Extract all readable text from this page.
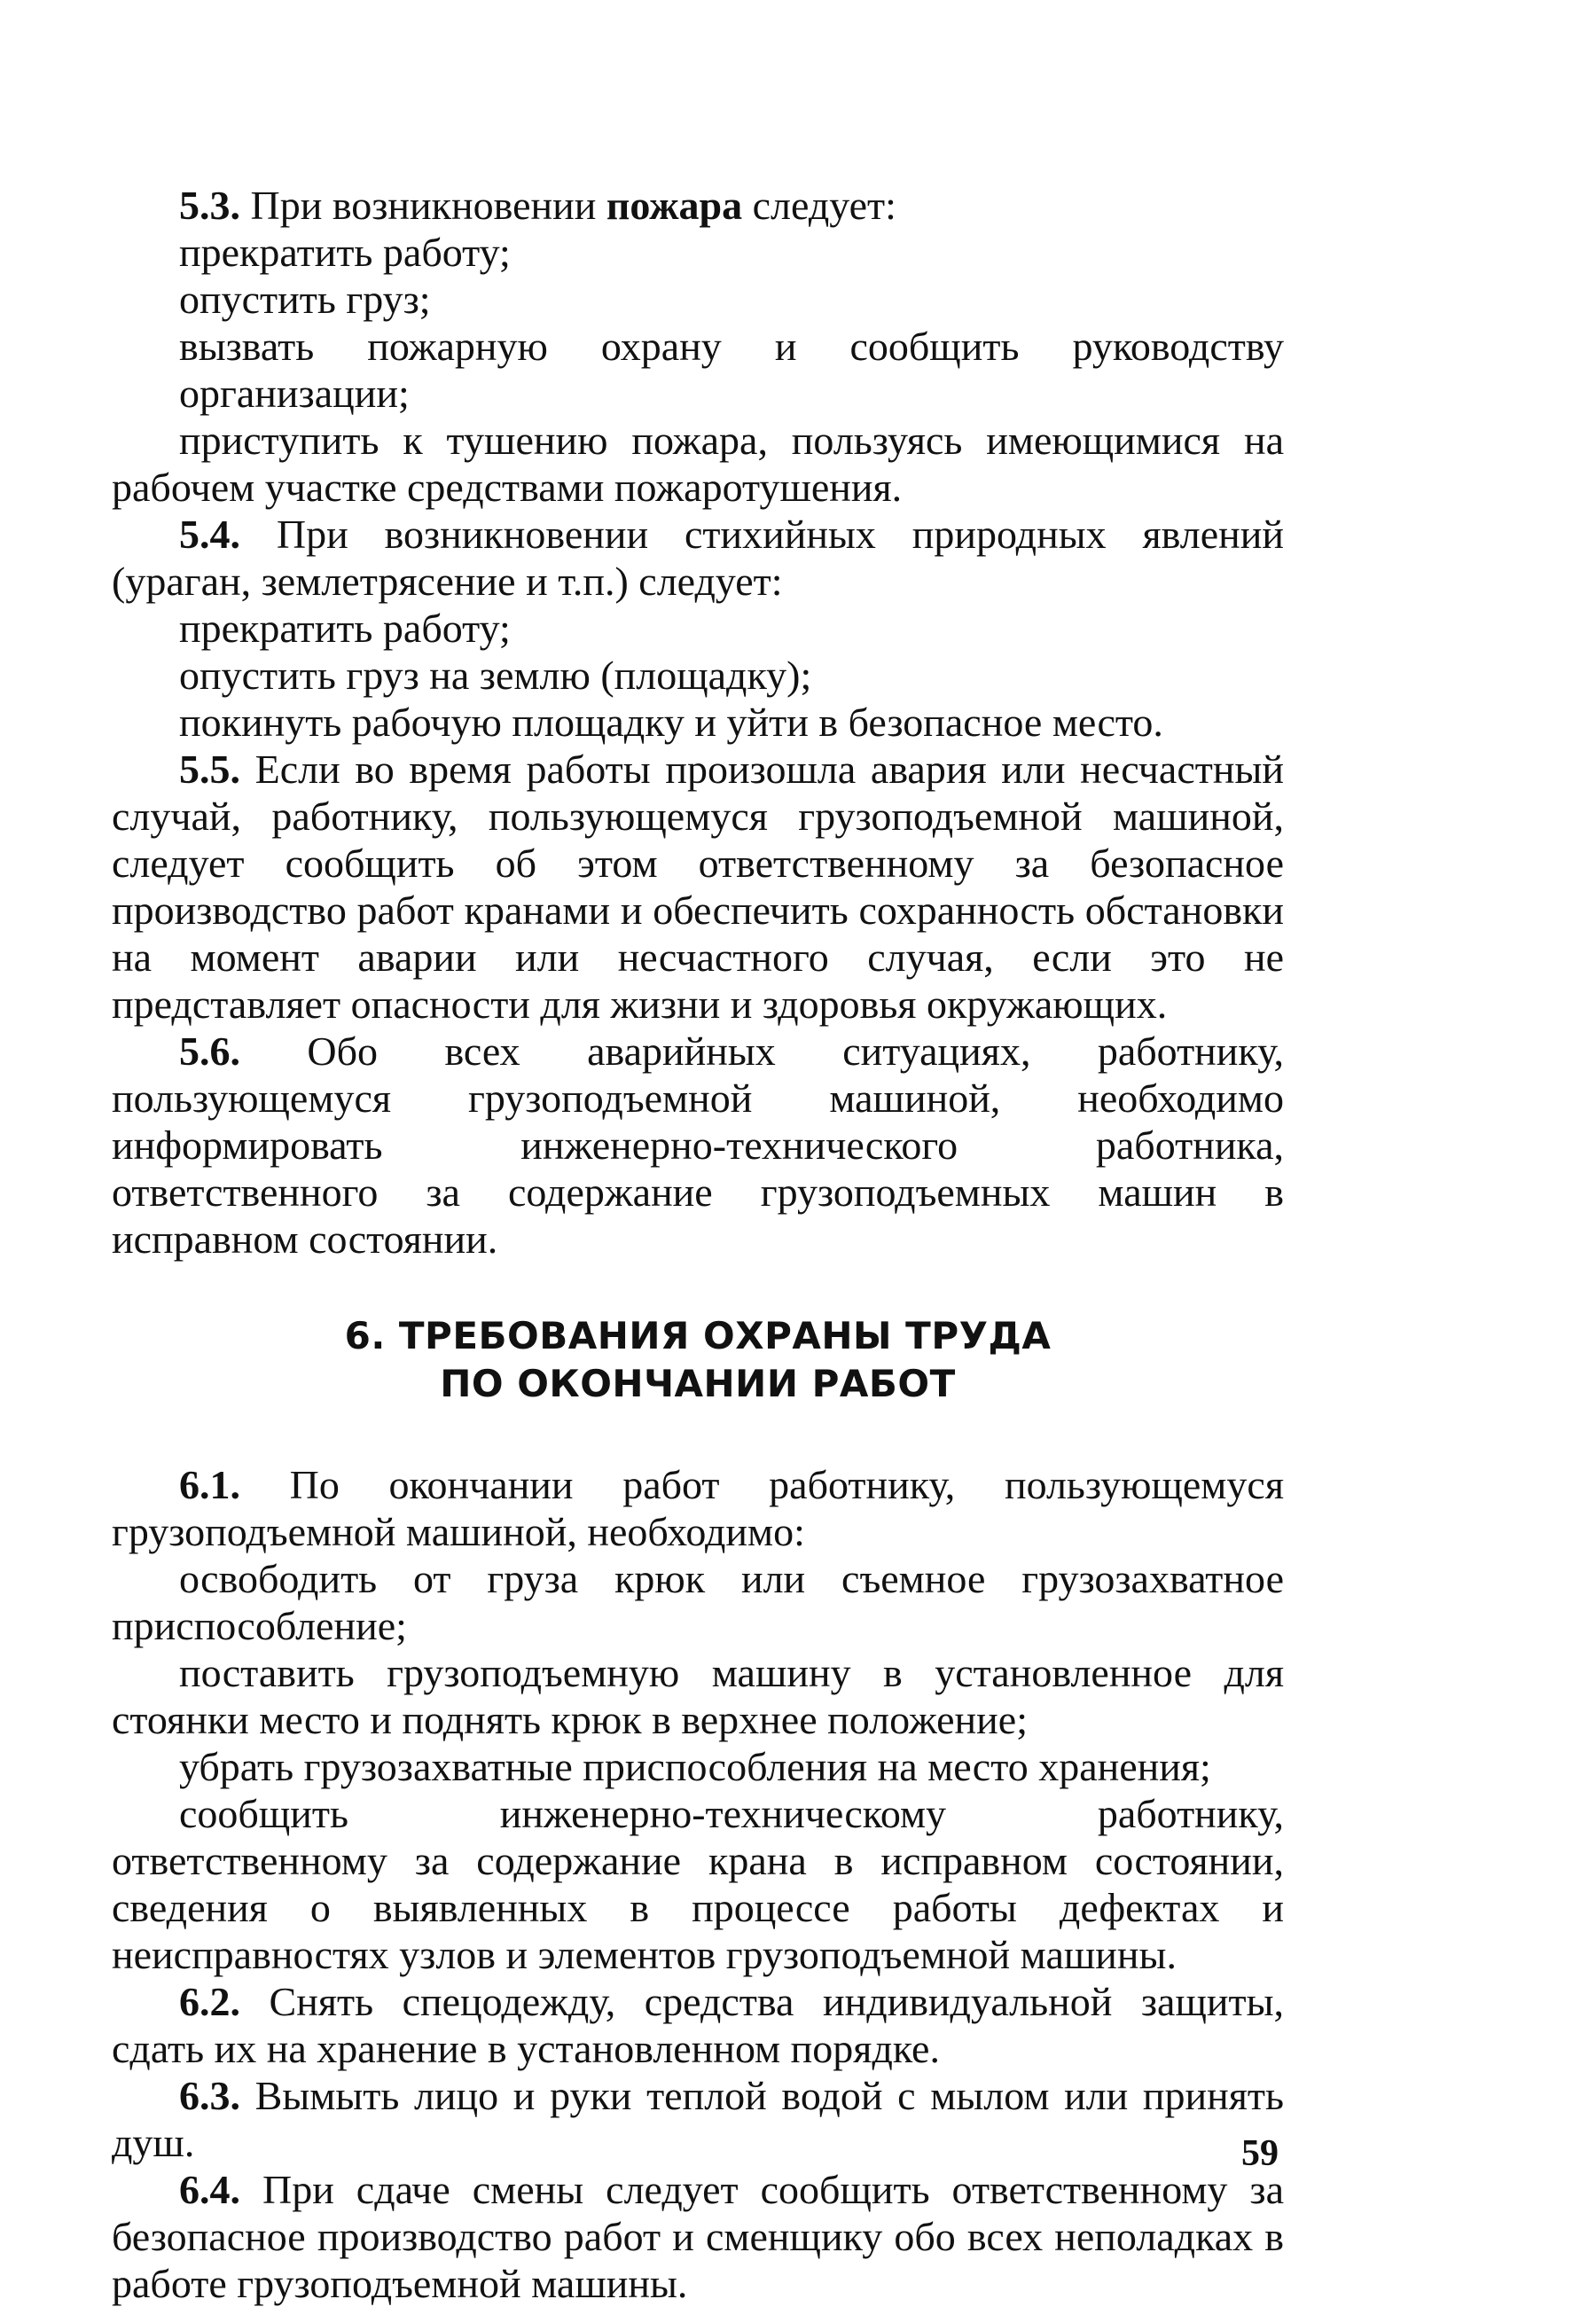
5.3. При возникновении пожара следует:

прекратить работу;

опустить груз;

вызвать пожарную охрану и сообщить руководству организации;

приступить к тушению пожара, пользуясь имеющимися на рабочем участке средствами пожаротушения.

5.4. При возникновении стихийных природных явлений (ураган, землетрясение и т.п.) следует:

прекратить работу;

опустить груз на землю (площадку);

покинуть рабочую площадку и уйти в безопасное место.

5.5. Если во время работы произошла авария или несчастный случай, работнику, пользующемуся грузоподъемной машиной, следует сообщить об этом ответственному за безопасное производство работ кранами и обеспечить сохранность обстановки на момент аварии или несчастного случая, если это не представляет опасности для жизни и здоровья окружающих.

5.6. Обо всех аварийных ситуациях, работнику, пользующемуся грузоподъемной машиной, необходимо информировать инженерно-технического работника, ответственного за содержание грузоподъемных машин в исправном состоянии.

6. ТРЕБОВАНИЯ ОХРАНЫ ТРУДА
ПО ОКОНЧАНИИ РАБОТ

6.1. По окончании работ работнику, пользующемуся грузоподъемной машиной, необходимо:

освободить от груза крюк или съемное грузозахватное приспособление;

поставить грузоподъемную машину в установленное для стоянки место и поднять крюк в верхнее положение;

убрать грузозахватные приспособления на место хранения;

сообщить инженерно-техническому работнику, ответственному за содержание крана в исправном состоянии, сведения о выявленных в процессе работы дефектах и неисправностях узлов и элементов грузоподъемной машины.

6.2. Снять спецодежду, средства индивидуальной защиты, сдать их на хранение в установленном порядке.

6.3. Вымыть лицо и руки теплой водой с мылом или принять душ.

6.4. При сдаче смены следует сообщить ответственному за безопасное производство работ и сменщику обо всех неполадках в работе грузоподъемной машины.

59
